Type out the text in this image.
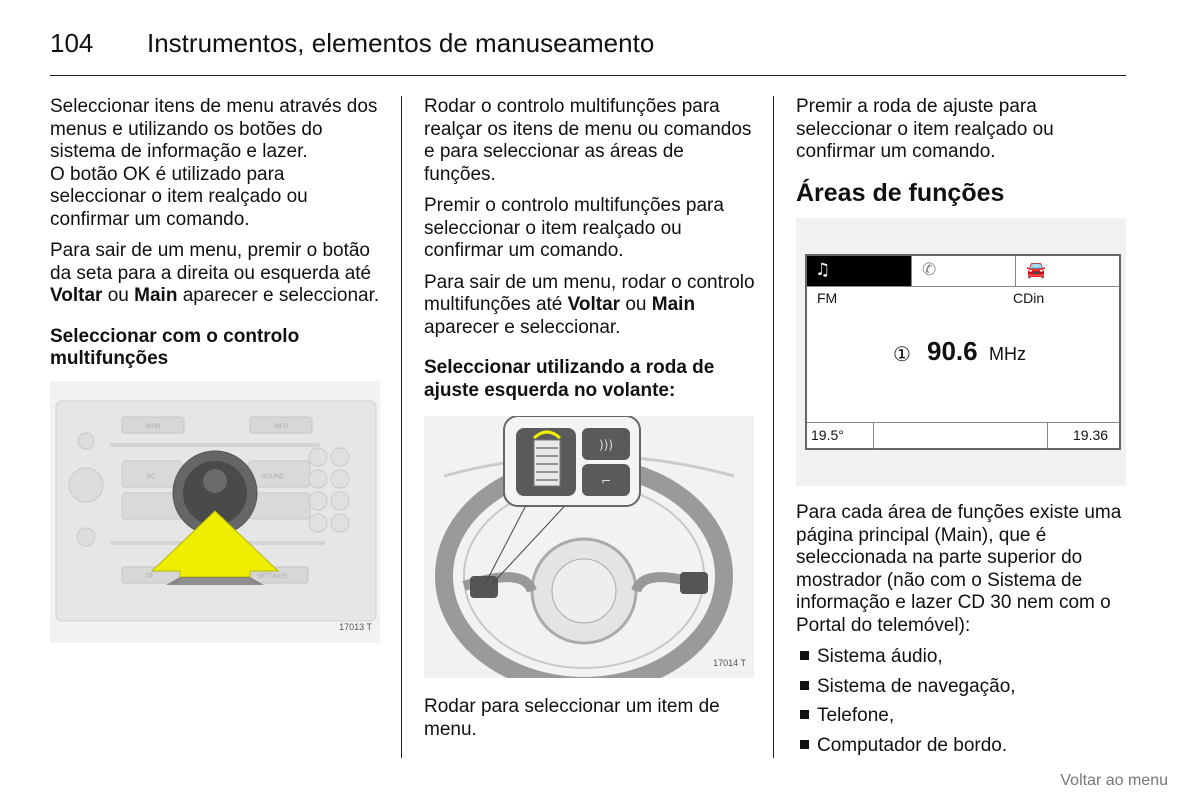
104 Instrumentos, elementos de manuseamento

Seleccionar itens de menu através dos menus e utilizando os botões do sistema de informação e lazer.
O botão OK é utilizado para seleccionar o item realçado ou confirmar um comando.

Para sair de um menu, premir o botão da seta para a direita ou esquerda até Voltar ou Main aparecer e seleccionar.

Seleccionar com o controlo multifunções

MAIN	INFO
BC	SOUND
TP	SETTINGS
17013 T

Rodar o controlo multifunções para realçar os itens de menu ou comandos e para seleccionar as áreas de funções.

Premir o controlo multifunções para seleccionar o item realçado ou confirmar um comando.

Para sair de um menu, rodar o controlo multifunções até Voltar ou Main aparecer e seleccionar.

Seleccionar utilizando a roda de ajuste esquerda no volante:

)))
⌐
17014 T

Rodar para seleccionar um item de menu.

Premir a roda de ajuste para seleccionar o item realçado ou confirmar um comando.

Áreas de funções
♫	✆	🚘
FM	CDin
① 90.6 MHz
19.5°	19.36

Para cada área de funções existe uma página principal (Main), que é seleccionada na parte superior do mostrador (não com o Sistema de informação e lazer CD 30 nem com o Portal do telemóvel):

Sistema áudio,
Sistema de navegação,
Telefone,
Computador de bordo.
Voltar ao menu
